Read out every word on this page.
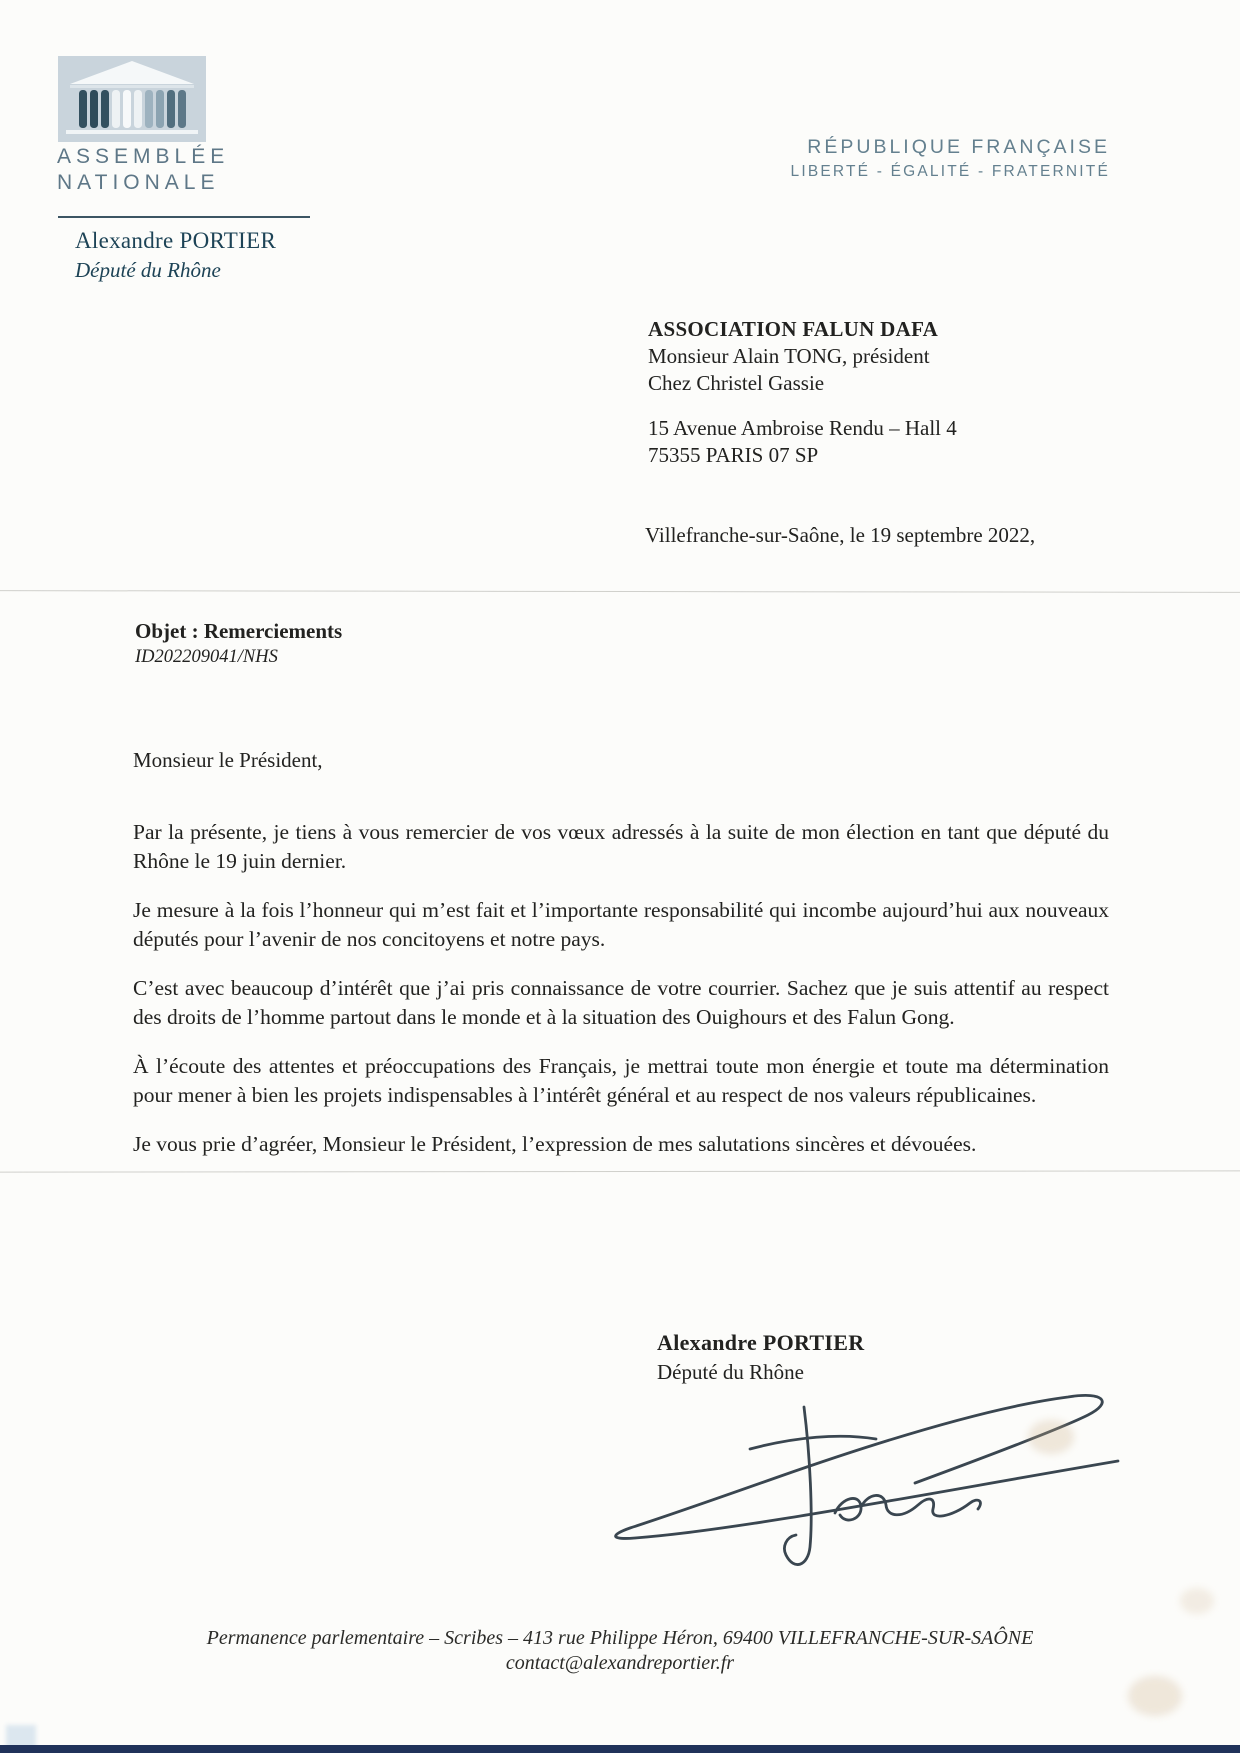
ASSEMBLÉE
NATIONALE
Alexandre PORTIER
Député du Rhône
RÉPUBLIQUE FRANÇAISE
LIBERTÉ - ÉGALITÉ - FRATERNITÉ
ASSOCIATION FALUN DAFA
Monsieur Alain TONG, président
Chez Christel Gassie
15 Avenue Ambroise Rendu – Hall 4
75355 PARIS 07 SP
Villefranche-sur-Saône, le 19 septembre 2022,
Objet : Remerciements
ID202209041/NHS
Monsieur le Président,

Par la présente, je tiens à vous remercier de vos vœux adressés à la suite de mon élection en tant que député du Rhône le 19 juin dernier.

Je mesure à la fois l’honneur qui m’est fait et l’importante responsabilité qui incombe aujourd’hui aux nouveaux députés pour l’avenir de nos concitoyens et notre pays.

C’est avec beaucoup d’intérêt que j’ai pris connaissance de votre courrier. Sachez que je suis attentif au respect des droits de l’homme partout dans le monde et à la situation des Ouighours et des Falun Gong.

À l’écoute des attentes et préoccupations des Français, je mettrai toute mon énergie et toute ma détermination pour mener à bien les projets indispensables à l’intérêt général et au respect de nos valeurs républicaines.

Je vous prie d’agréer, Monsieur le Président, l’expression de mes salutations sincères et dévouées.

Alexandre PORTIER
Député du Rhône
Permanence parlementaire – Scribes – 413 rue Philippe Héron, 69400 VILLEFRANCHE-SUR-SAÔNE
contact@alexandreportier.fr
